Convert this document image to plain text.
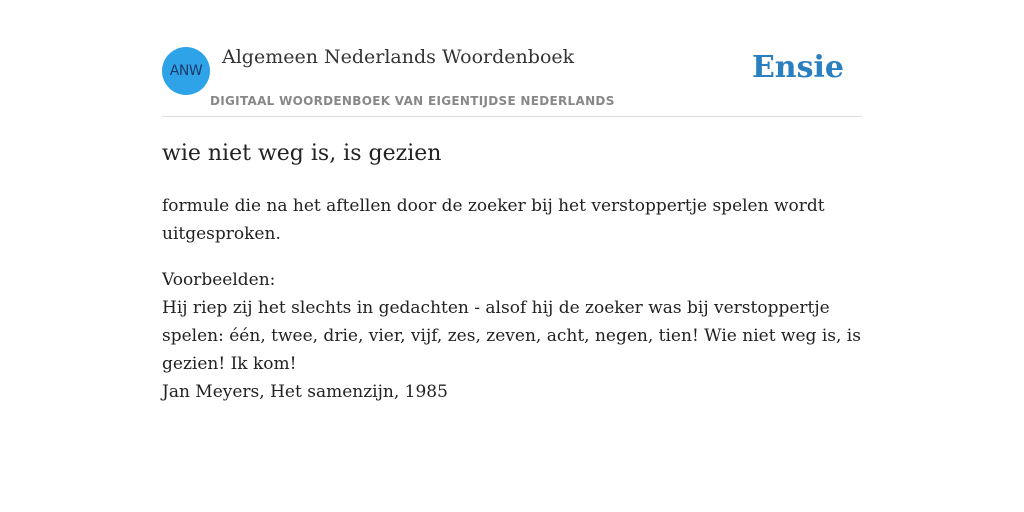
ANW
Algemeen Nederlands Woordenboek
DIGITAAL WOORDENBOEK VAN EIGENTIJDSE NEDERLANDS
Ensie
wie niet weg is, is gezien

formule die na het aftellen door de zoeker bij het verstoppertje spelen wordt uitgesproken.

Voorbeelden:
Hij riep zij het slechts in gedachten - alsof hij de zoeker was bij verstoppertje spelen: één, twee, drie, vier, vijf, zes, zeven, acht, negen, tien! Wie niet weg is, is gezien! Ik kom!
Jan Meyers, Het samenzijn, 1985
